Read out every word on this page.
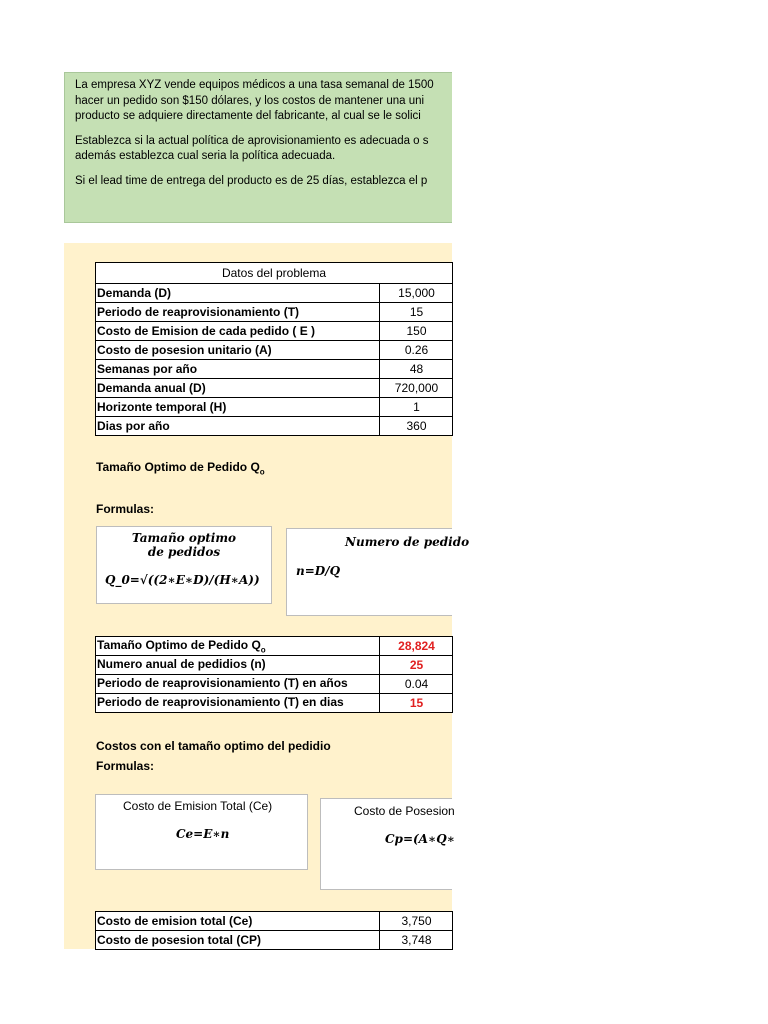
La empresa XYZ vende equipos médicos a una tasa semanal de 1500

hacer un pedido son $150 dólares, y los costos de mantener una uni

producto se adquiere directamente del fabricante, al cual se le solici

Establezca si la actual política de aprovisionamiento es adecuada o s

además establezca cual seria la política adecuada.

Si el lead time de entrega del producto es de 25 días, establezca el p

Datos del problema	
Demanda (D)	15,000
Periodo de reaprovisionamiento (T)	15
Costo de Emision de cada pedido ( E )	150
Costo de posesion unitario (A)	0.26
Semanas por año	48
Demanda anual (D)	720,000
Horizonte temporal (H)	1
Dias por año	360
Tamaño Optimo de Pedido $Q_o$
Formulas:
Tamaño optimo de pedidos
Q_0=√((2∗E∗D)/(H∗A))
Numero de pedido
n=D/Q
Tamaño Optimo de Pedido $Q_o$	28,824
Numero anual de pedidios (n)	25
Periodo de reaprovisionamiento (T) en años	0.04
Periodo de reaprovisionamiento (T) en dias	15
Costos con el tamaño optimo del pedidio
Formulas:
Costo de Emision Total (Ce)
Ce=E∗n
Costo de Posesion
Cp=(A∗Q∗
Costo de emision total (Ce)	3,750
Costo de posesion total (CP)	3,748
